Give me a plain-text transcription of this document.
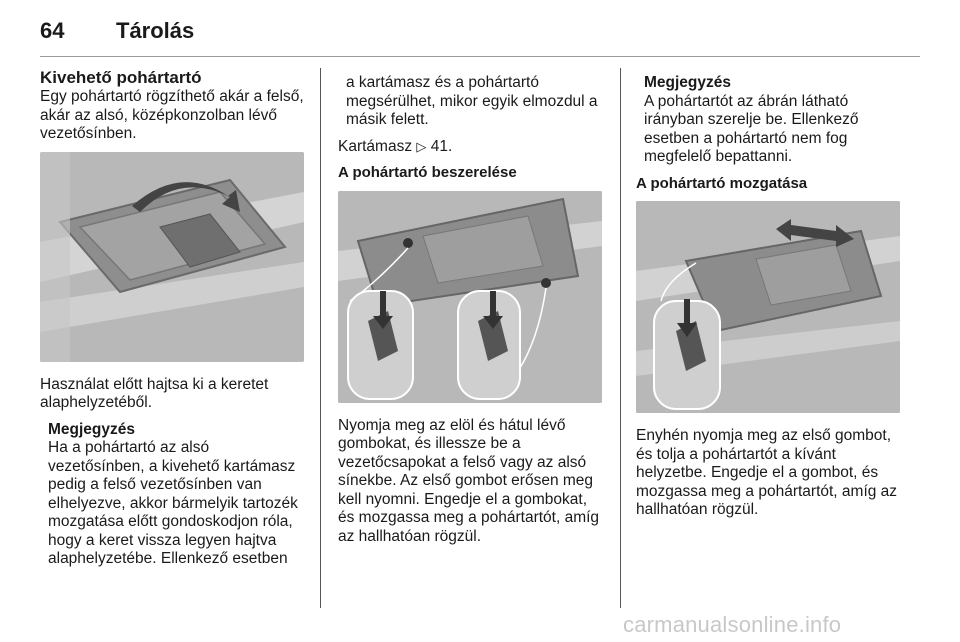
64 Tárolás
Kivehető pohártartó

Egy pohártartó rögzíthető akár a felső, akár az alsó, középkonzolban lévő vezetősínben.

Használat előtt hajtsa ki a keretet alaphelyzetéből.

Megjegyzés

Ha a pohártartó az alsó vezetősínben, a kivehető kartámasz pedig a felső vezetősínben van elhelyezve, akkor bármelyik tartozék mozgatása előtt gondoskodjon róla, hogy a keret vissza legyen hajtva alaphelyzetébe. Ellenkező esetben

a kartámasz és a pohártartó megsérülhet, mikor egyik elmozdul a másik felett.

Kartámasz ▷ 41.

A pohártartó beszerelése

Nyomja meg az elöl és hátul lévő gombokat, és illessze be a vezetőcsapokat a felső vagy az alsó sínekbe. Az első gombot erősen meg kell nyomni. Engedje el a gombokat, és mozgassa meg a pohártartót, amíg az hallhatóan rögzül.

Megjegyzés

A pohártartót az ábrán látható irányban szerelje be. Ellenkező esetben a pohártartó nem fog megfelelő bepattanni.

A pohártartó mozgatása

Enyhén nyomja meg az első gombot, és tolja a pohártartót a kívánt helyzetbe. Engedje el a gombot, és mozgassa meg a pohártartót, amíg az hallhatóan rögzül.

carmanualsonline.info
